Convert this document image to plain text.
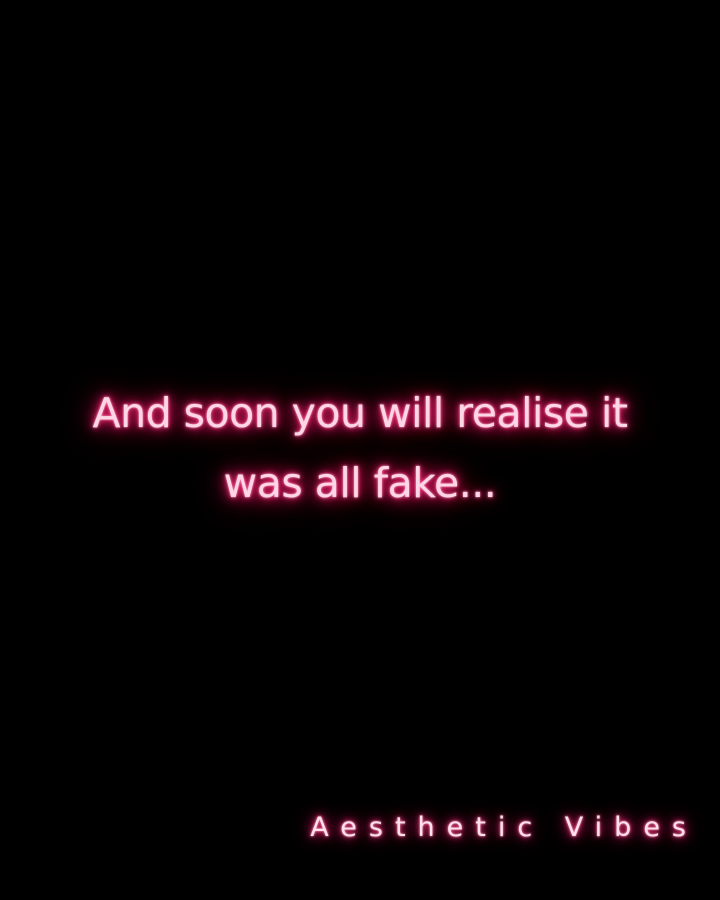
And soon you will realise it
was all fake...
Aesthetic Vibes
